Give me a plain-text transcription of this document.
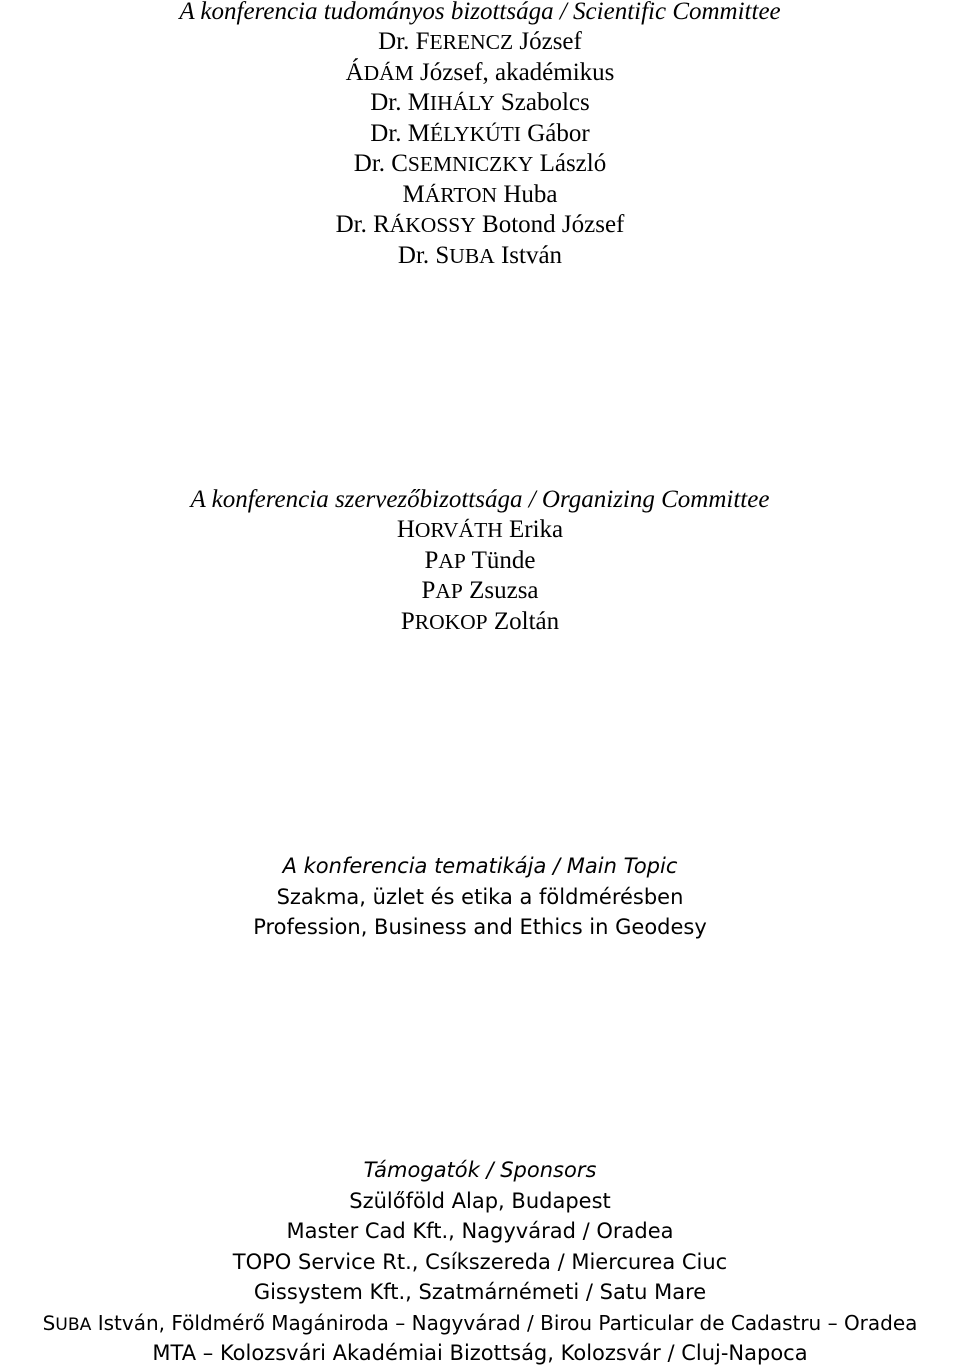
A konferencia tudományos bizottsága / Scientific Committee
Dr. FERENCZ József
ÁDÁM József, akadémikus
Dr. MIHÁLY Szabolcs
Dr. MÉLYKÚTI Gábor
Dr. CSEMNICZKY László
MÁRTON Huba
Dr. RÁKOSSY Botond József
Dr. SUBA István
A konferencia szervezőbizottsága / Organizing Committee
HORVÁTH Erika
PAP Tünde
PAP Zsuzsa
PROKOP Zoltán
A konferencia tematikája / Main Topic
Szakma, üzlet és etika a földmérésben
Profession, Business and Ethics in Geodesy
Támogatók / Sponsors
Szülőföld Alap, Budapest
Master Cad Kft., Nagyvárad / Oradea
TOPO Service Rt., Csíkszereda / Miercurea Ciuc
Gissystem Kft., Szatmárnémeti / Satu Mare
SUBA István, Földmérő Magániroda – Nagyvárad / Birou Particular de Cadastru – Oradea
MTA – Kolozsvári Akadémiai Bizottság, Kolozsvár / Cluj-Napoca
